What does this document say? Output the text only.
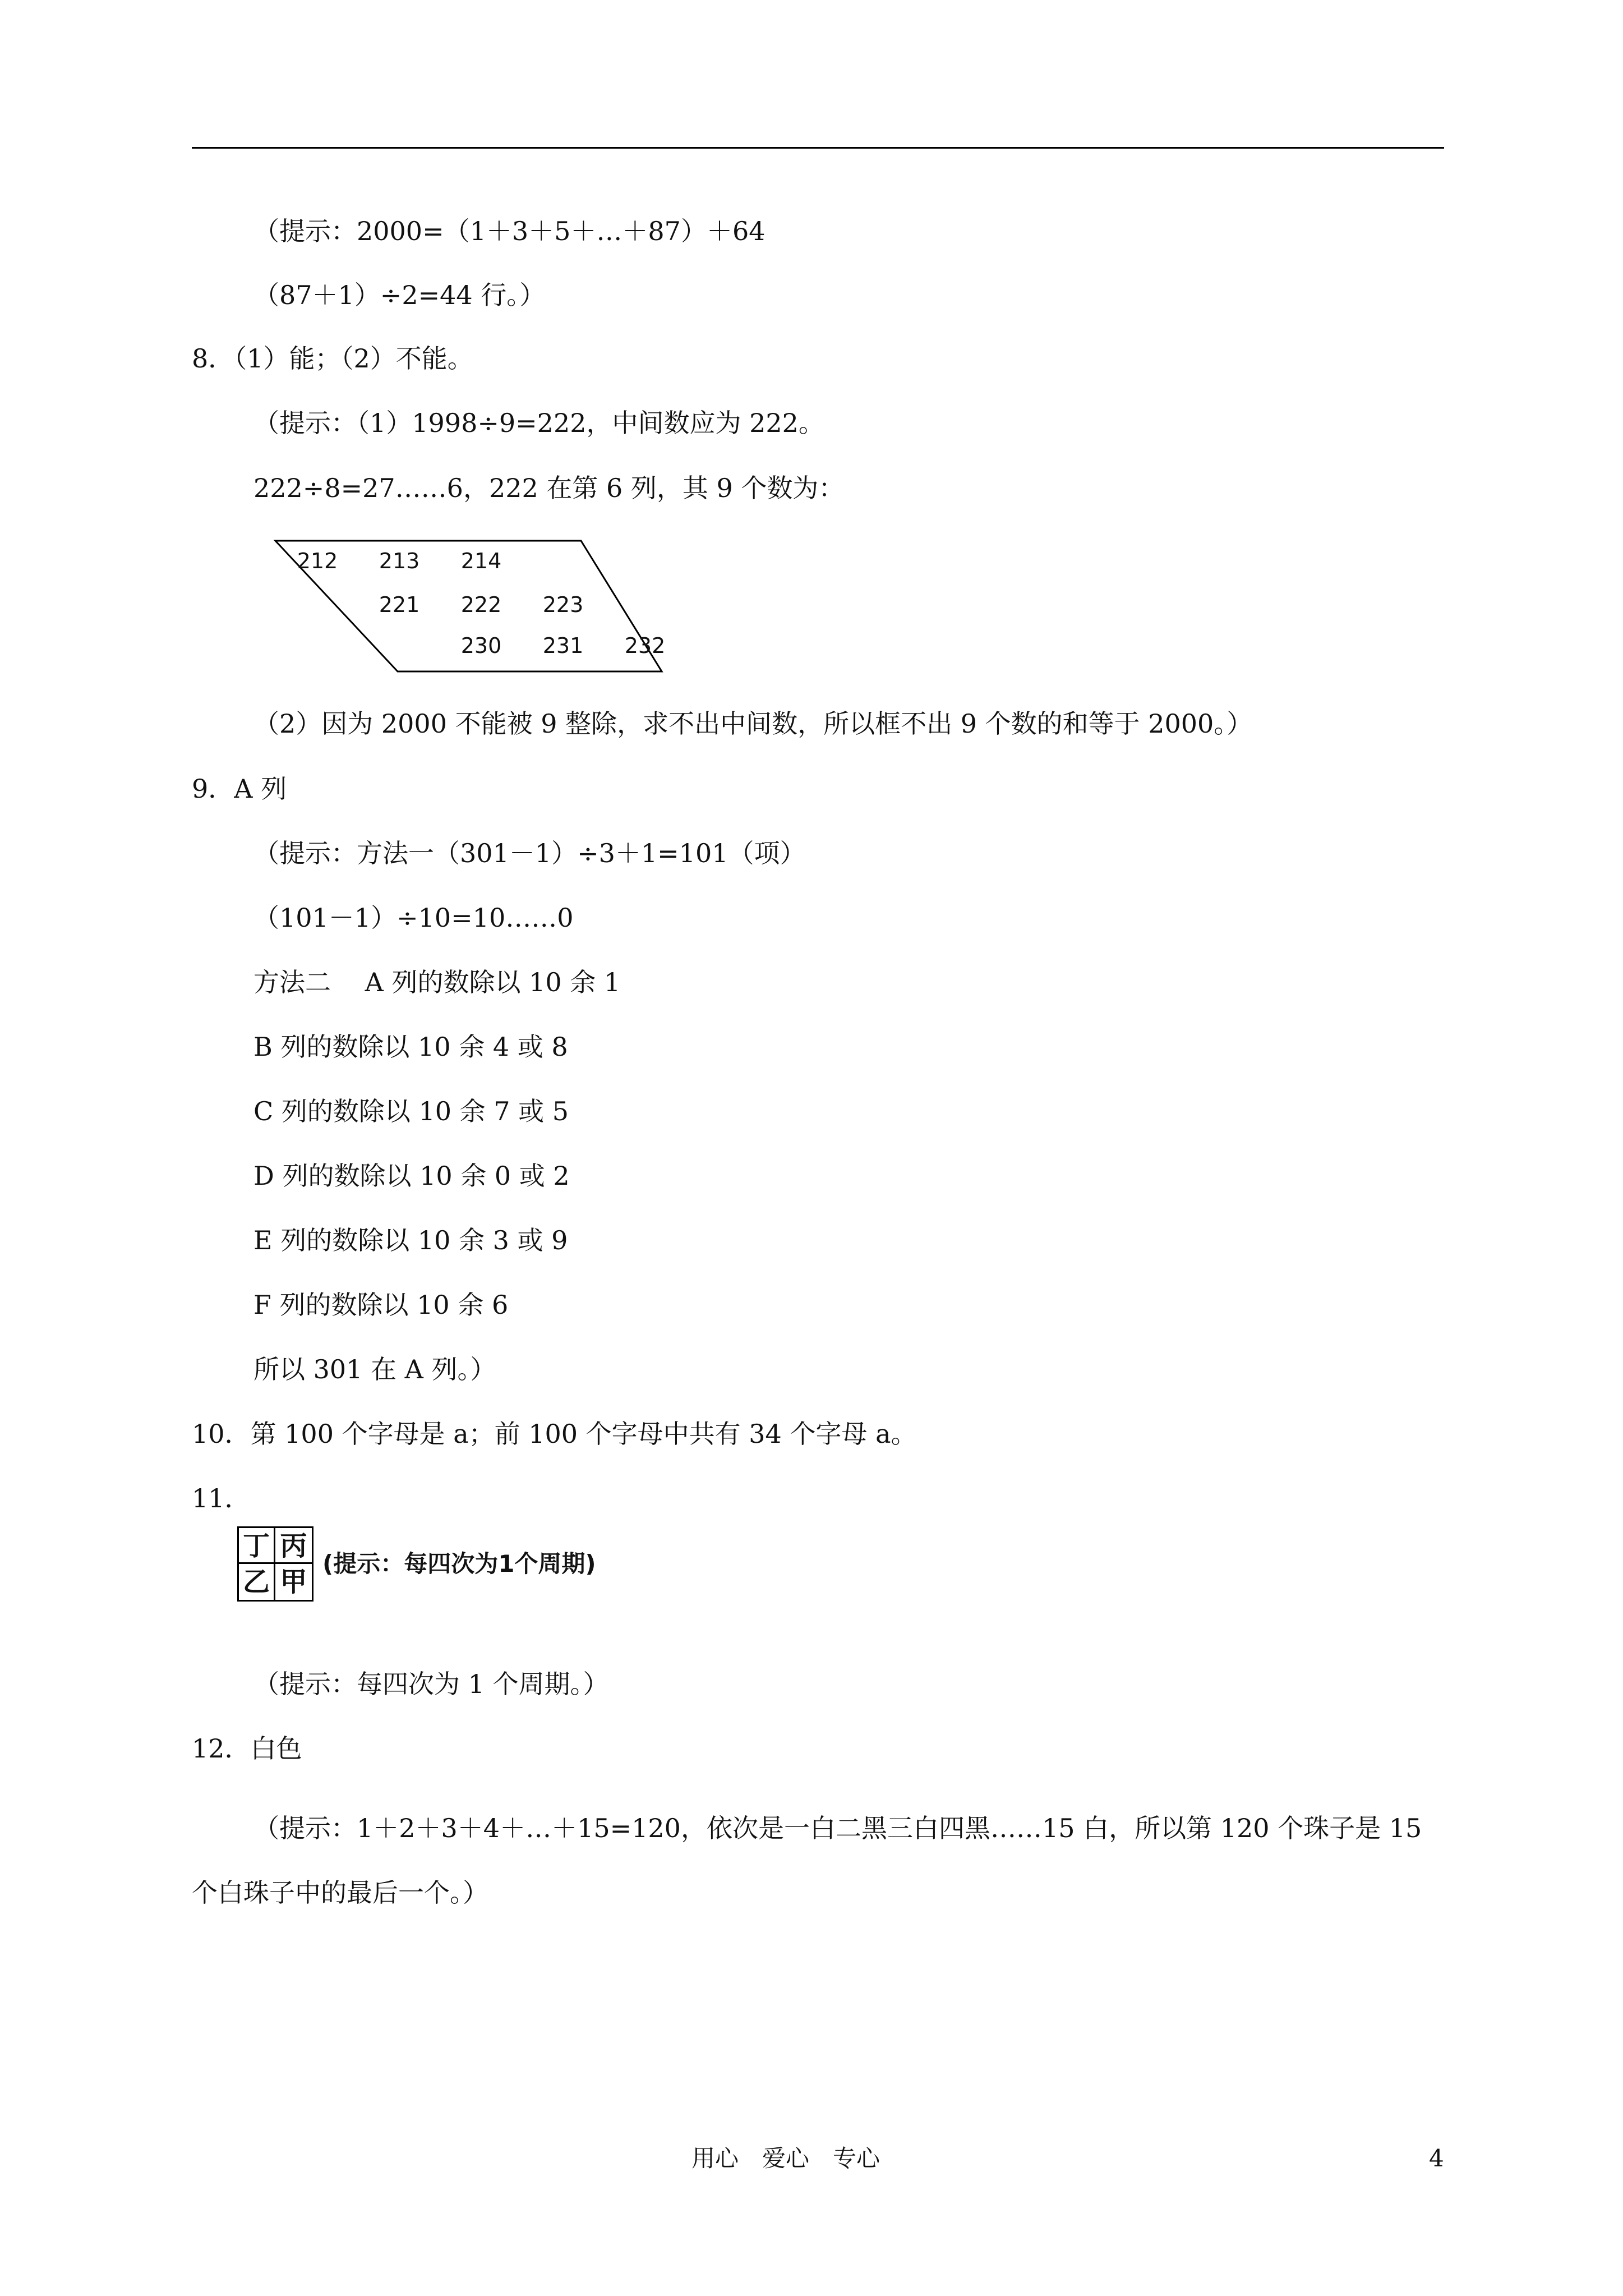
（提示：2000=（1＋3＋5＋…＋87）＋64
（87＋1）÷2=44 行。）
8．（1）能；（2）不能。
（提示：（1）1998÷9=222，中间数应为 222。
222÷8=27……6，222 在第 6 列，其 9 个数为：
212 213 214
221 222 223
230 231 232
（2）因为 2000 不能被 9 整除，求不出中间数，所以框不出 9 个数的和等于 2000。）
9．A 列
（提示：方法一（301－1）÷3＋1=101（项）
（101－1）÷10=10……0
方法二　 A 列的数除以 10 余 1
B 列的数除以 10 余 4 或 8
C 列的数除以 10 余 7 或 5
D 列的数除以 10 余 0 或 2
E 列的数除以 10 余 3 或 9
F 列的数除以 10 余 6
所以 301 在 A 列。）
10．第 100 个字母是 a；前 100 个字母中共有 34 个字母 a。
11．
丁 丙
乙 甲
(提示：每四次为1个周期)
（提示：每四次为 1 个周期。）
12．白色
（提示：1＋2＋3＋4＋…＋15=120，依次是一白二黑三白四黑……15 白，所以第 120 个珠子是 15 个白珠子中的最后一个。）
用心　爱心　专心	4
